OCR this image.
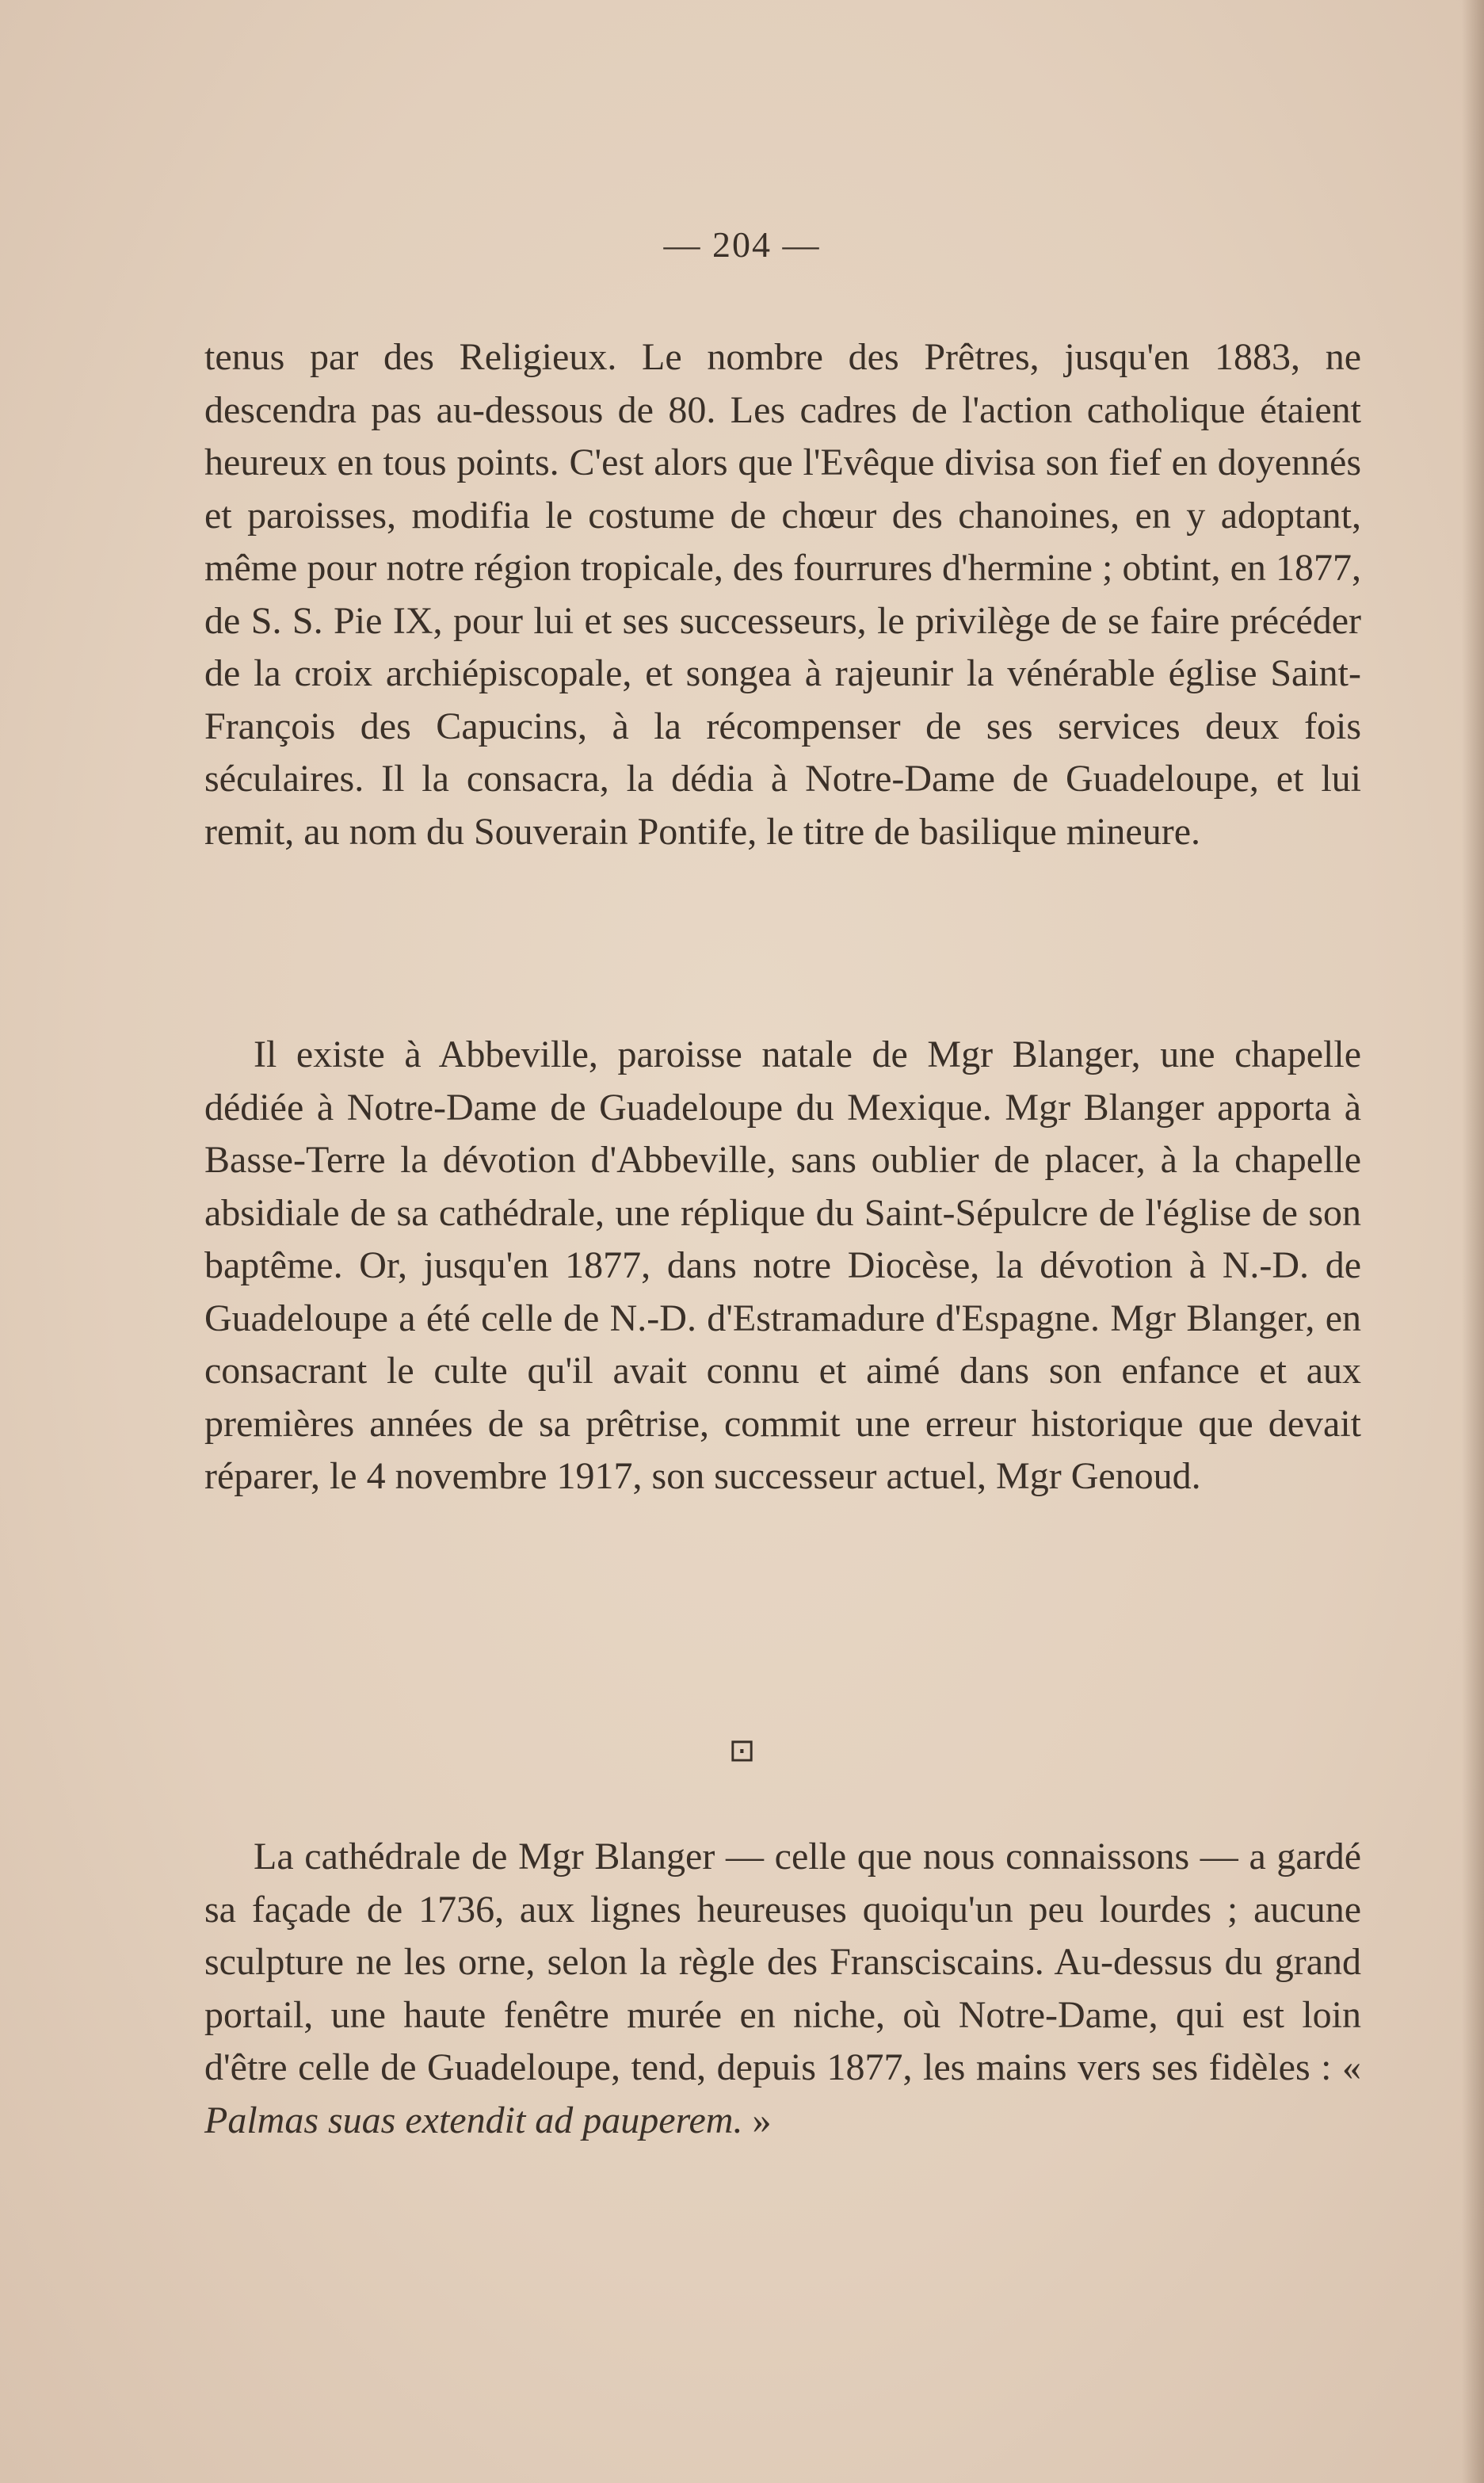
— 204 —

tenus par des Religieux. Le nombre des Prêtres, jusqu'en 1883, ne descendra pas au-dessous de 80. Les cadres de l'action catholique étaient heureux en tous points. C'est alors que l'Evêque divisa son fief en doyennés et paroisses, modifia le costume de chœur des chanoines, en y adoptant, même pour notre région tropicale, des fourrures d'hermine ; obtint, en 1877, de S. S. Pie IX, pour lui et ses successeurs, le privilège de se faire précéder de la croix archiépiscopale, et songea à rajeunir la vénérable église Saint-François des Capucins, à la récompenser de ses services deux fois séculaires. Il la consacra, la dédia à Notre-Dame de Guadeloupe, et lui remit, au nom du Souverain Pontife, le titre de basilique mineure.

Il existe à Abbeville, paroisse natale de Mgr Blanger, une chapelle dédiée à Notre-Dame de Guadeloupe du Mexique. Mgr Blanger apporta à Basse-Terre la dévotion d'Abbeville, sans oublier de placer, à la chapelle absidiale de sa cathédrale, une réplique du Saint-Sépulcre de l'église de son baptême. Or, jusqu'en 1877, dans notre Diocèse, la dévotion à N.-D. de Guadeloupe a été celle de N.-D. d'Estramadure d'Espagne. Mgr Blanger, en consacrant le culte qu'il avait connu et aimé dans son enfance et aux premières années de sa prêtrise, commit une erreur historique que devait réparer, le 4 novembre 1917, son successeur actuel, Mgr Genoud.

⊡

La cathédrale de Mgr Blanger — celle que nous connaissons — a gardé sa façade de 1736, aux lignes heureuses quoiqu'un peu lourdes ; aucune sculpture ne les orne, selon la règle des Fransciscains. Au-dessus du grand portail, une haute fenêtre murée en niche, où Notre-Dame, qui est loin d'être celle de Guadeloupe, tend, depuis 1877, les mains vers ses fidèles : « Palmas suas extendit ad pauperem. »
